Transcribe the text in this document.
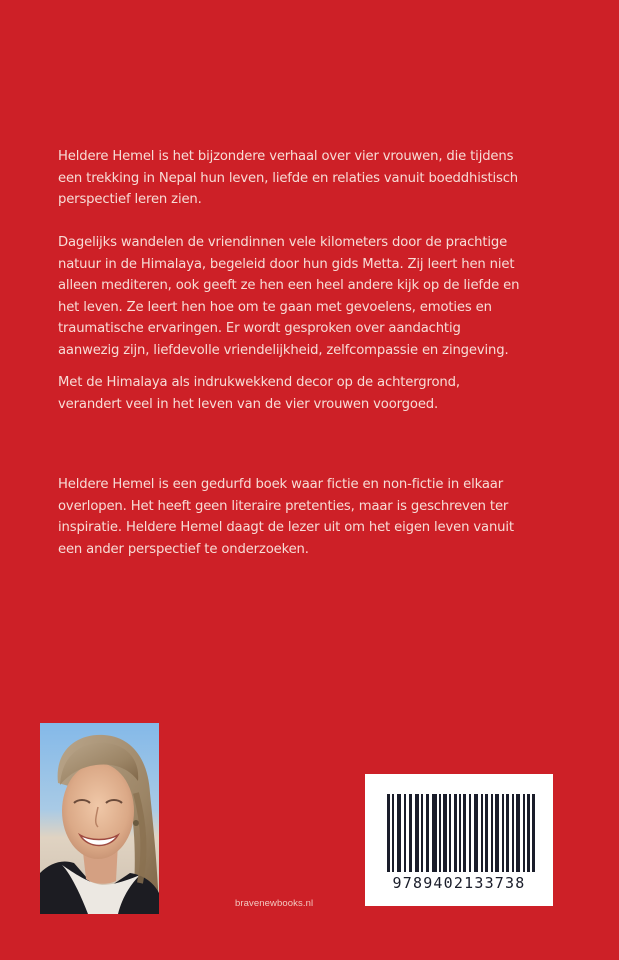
Heldere Hemel is het bijzondere verhaal over vier vrouwen, die tijdens
een trekking in Nepal hun leven, liefde en relaties vanuit boeddhistisch
perspectief leren zien.
Dagelijks wandelen de vriendinnen vele kilometers door de prachtige
natuur in de Himalaya, begeleid door hun gids Metta. Zij leert hen niet
alleen mediteren, ook geeft ze hen een heel andere kijk op de liefde en
het leven. Ze leert hen hoe om te gaan met gevoelens, emoties en
traumatische ervaringen. Er wordt gesproken over aandachtig
aanwezig zijn, liefdevolle vriendelijkheid, zelfcompassie en zingeving.
Met de Himalaya als indrukwekkend decor op de achtergrond,
verandert veel in het leven van de vier vrouwen voorgoed.
Heldere Hemel is een gedurfd boek waar fictie en non-fictie in elkaar
overlopen. Het heeft geen literaire pretenties, maar is geschreven ter
inspiratie. Heldere Hemel daagt de lezer uit om het eigen leven vanuit
een ander perspectief te onderzoeken.
bravenewbooks.nl
9789402133738
